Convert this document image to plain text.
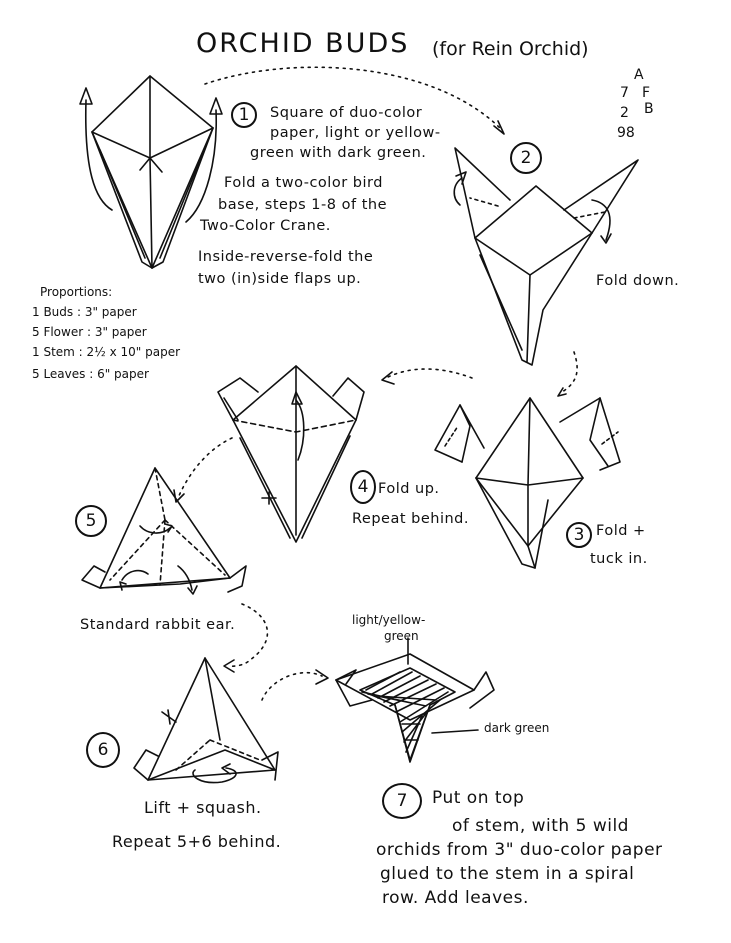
ORCHID BUDS (for Rein Orchid)
A
7 F
2 B
98
1	Square of duo-color
paper, light or yellow-
green with dark green.
Fold a two-color bird
base, steps 1-8 of the
Two-Color Crane.
Inside-reverse-fold the
two (in)side flaps up.
Proportions:
1 Buds : 3" paper
5 Flower : 3" paper
1 Stem : 2½ x 10" paper
5 Leaves : 6" paper
2
Fold down.
3 Fold +
tuck in.
4 Fold up.
Repeat behind.
5
Standard rabbit ear.
6
Lift + squash.
Repeat 5+6 behind.
light/yellow-
green
dark green
7	Put on top
of stem, with 5 wild
orchids from 3" duo-color paper
glued to the stem in a spiral
row. Add leaves.
